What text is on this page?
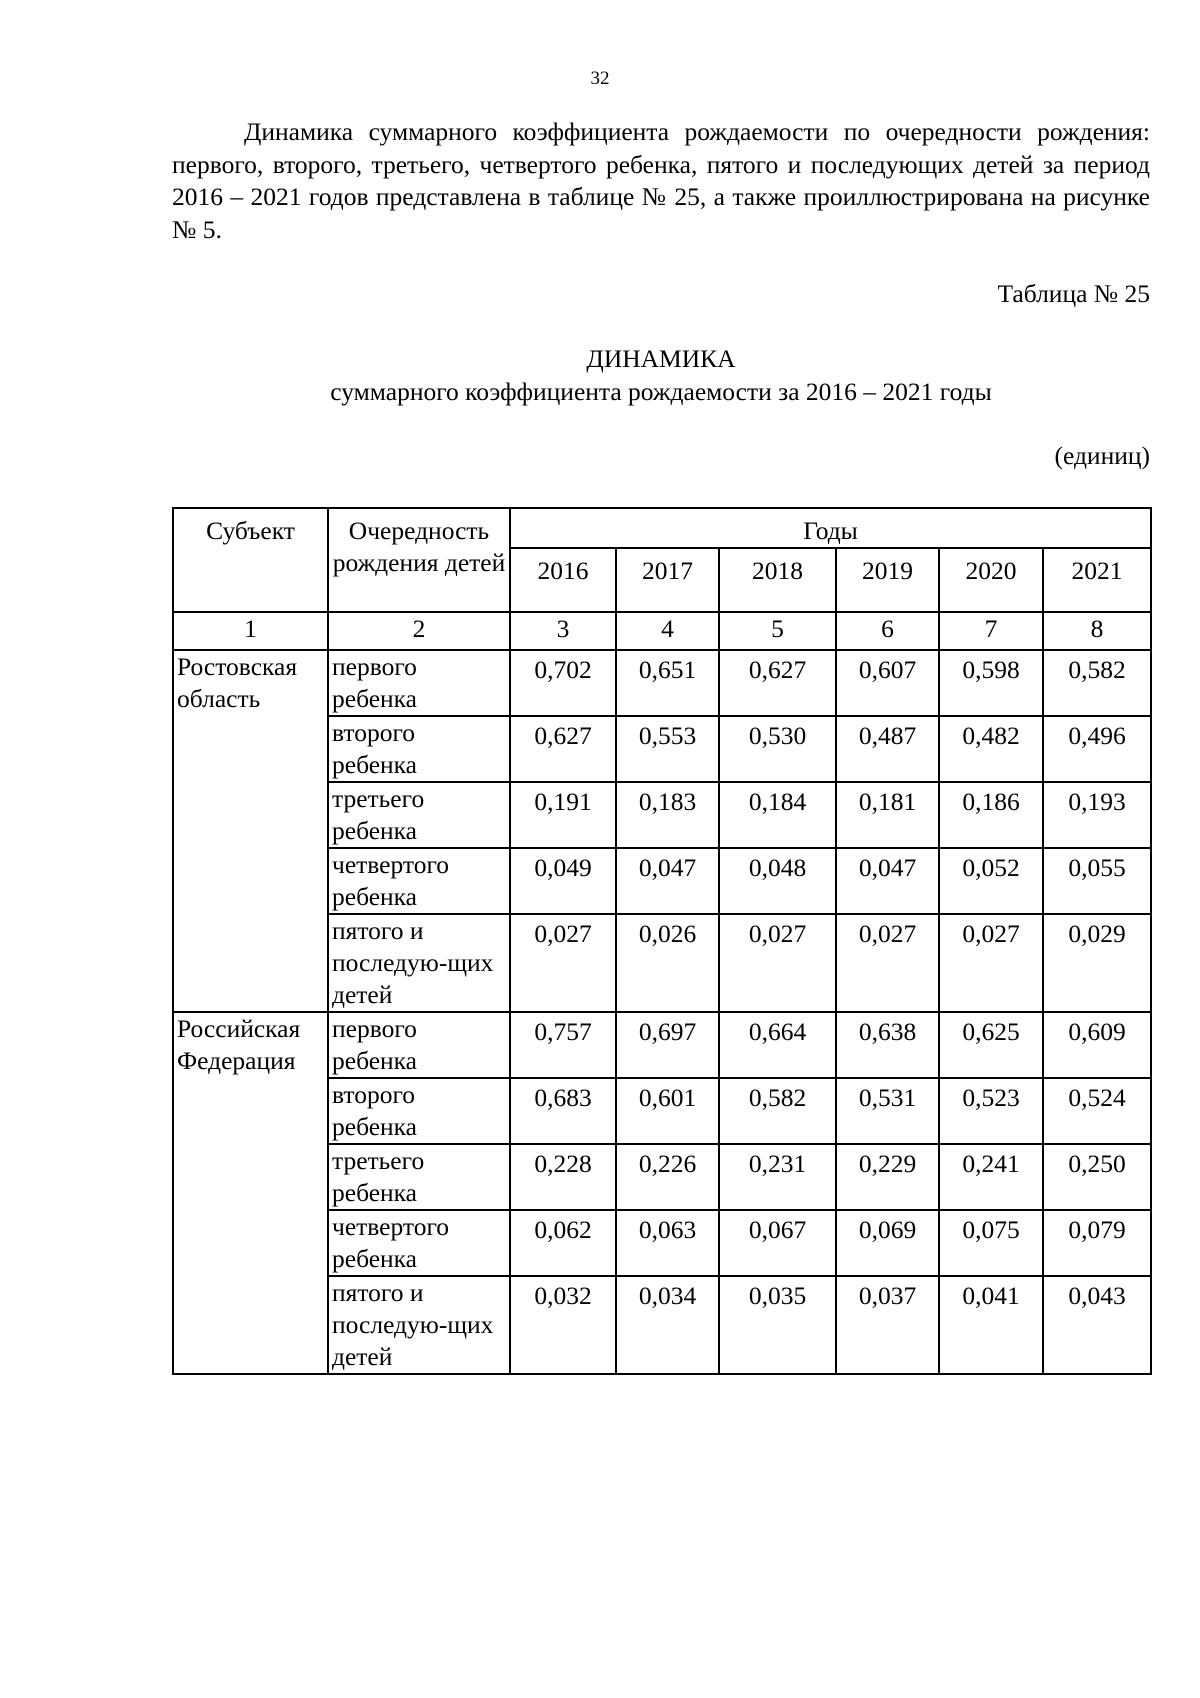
32

Динамика суммарного коэффициента рождаемости по очередности рождения: первого, второго, третьего, четвертого ребенка, пятого и последующих детей за период 2016 – 2021 годов представлена в таблице № 25, а также проиллюстрирована на рисунке № 5.

Таблица № 25
ДИНАМИКА
суммарного коэффициента рождаемости за 2016 – 2021 годы
(единиц)
Субъект	Очередность рождения детей	Годы					
		2016	2017	2018	2019	2020	2021
1	2	3	4	5	6	7	8
Ростовская область	первого ребенка	0,702	0,651	0,627	0,607	0,598	0,582
	второго ребенка	0,627	0,553	0,530	0,487	0,482	0,496
	третьего ребенка	0,191	0,183	0,184	0,181	0,186	0,193
	четвертого ребенка	0,049	0,047	0,048	0,047	0,052	0,055
	пятого и последую-щих детей	0,027	0,026	0,027	0,027	0,027	0,029
Российская Федерация	первого ребенка	0,757	0,697	0,664	0,638	0,625	0,609
	второго ребенка	0,683	0,601	0,582	0,531	0,523	0,524
	третьего ребенка	0,228	0,226	0,231	0,229	0,241	0,250
	четвертого ребенка	0,062	0,063	0,067	0,069	0,075	0,079
	пятого и последую-щих детей	0,032	0,034	0,035	0,037	0,041	0,043
